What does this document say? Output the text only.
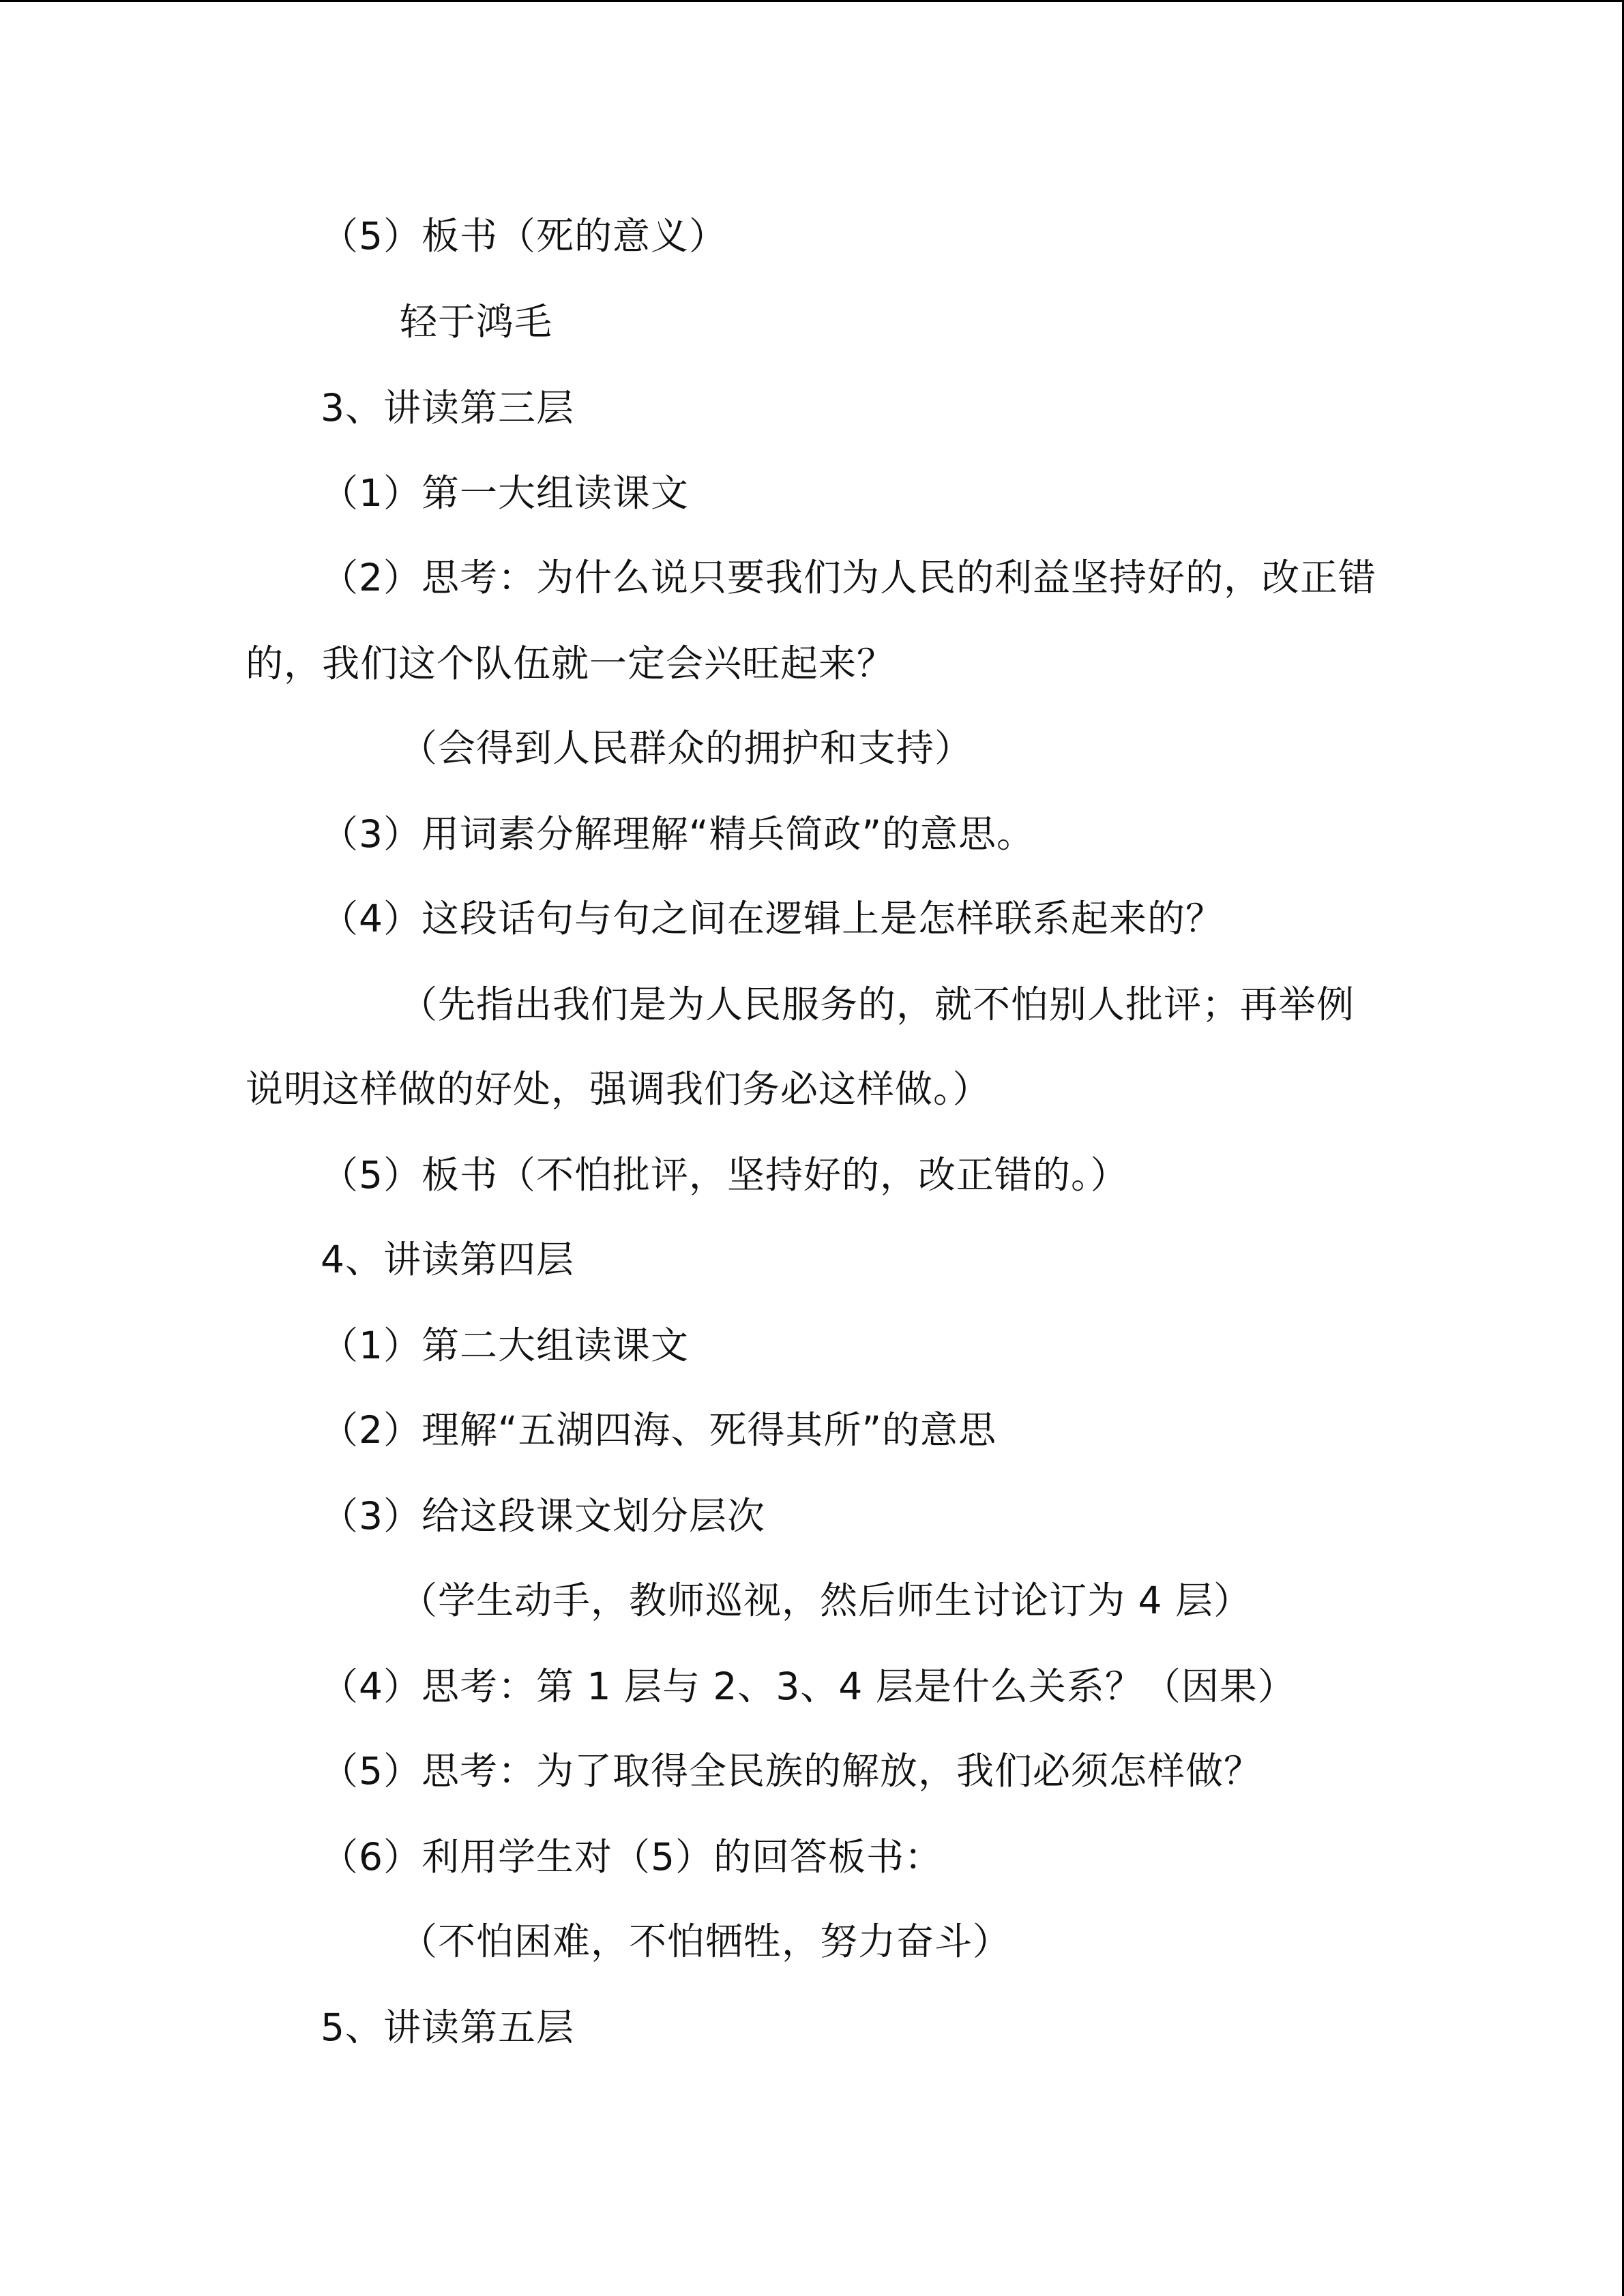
（5）板书（死的意义）
轻于鸿毛
3、讲读第三层
（1）第一大组读课文
（2）思考：为什么说只要我们为人民的利益坚持好的，改正错
的，我们这个队伍就一定会兴旺起来？
（会得到人民群众的拥护和支持）
（3）用词素分解理解“精兵简政”的意思。
（4）这段话句与句之间在逻辑上是怎样联系起来的？
（先指出我们是为人民服务的，就不怕别人批评；再举例
说明这样做的好处，强调我们务必这样做。）
（5）板书（不怕批评，坚持好的，改正错的。）
4、讲读第四层
（1）第二大组读课文
（2）理解“五湖四海、死得其所”的意思
（3）给这段课文划分层次
（学生动手，教师巡视，然后师生讨论订为 4 层）
（4）思考：第 1 层与 2、3、4 层是什么关系？（因果）
（5）思考：为了取得全民族的解放，我们必须怎样做？
（6）利用学生对（5）的回答板书：
（不怕困难，不怕牺牲，努力奋斗）
5、讲读第五层
